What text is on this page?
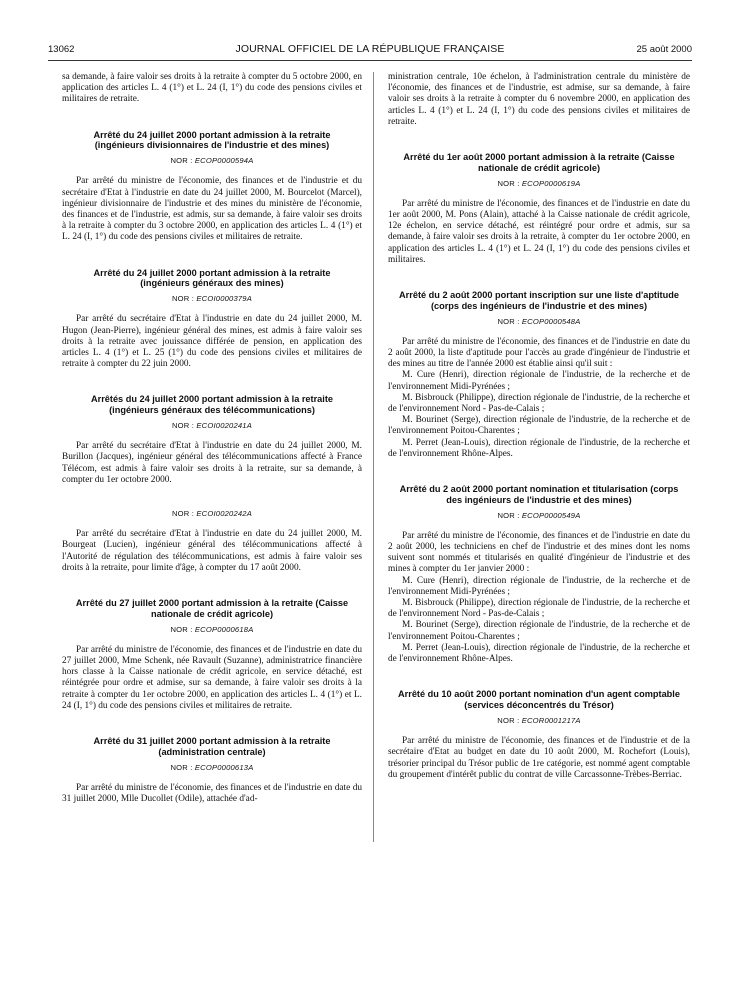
13062	JOURNAL OFFICIEL DE LA RÉPUBLIQUE FRANÇAISE	25 août 2000

sa demande, à faire valoir ses droits à la retraite à compter du 5 octobre 2000, en application des articles L. 4 (1°) et L. 24 (I, 1°) du code des pensions civiles et militaires de retraite.

Arrêté du 24 juillet 2000 portant admission à la retraite (ingénieurs divisionnaires de l'industrie et des mines)
NOR : ECOP0000594A

Par arrêté du ministre de l'économie, des finances et de l'industrie et du secrétaire d'Etat à l'industrie en date du 24 juillet 2000, M. Bourcelot (Marcel), ingénieur divisionnaire de l'industrie et des mines du ministère de l'économie, des finances et de l'industrie, est admis, sur sa demande, à faire valoir ses droits à la retraite à compter du 3 octobre 2000, en application des articles L. 4 (1°) et L. 24 (I, 1°) du code des pensions civiles et militaires de retraite.

Arrêté du 24 juillet 2000 portant admission à la retraite (ingénieurs généraux des mines)
NOR : ECOI0000379A

Par arrêté du secrétaire d'Etat à l'industrie en date du 24 juillet 2000, M. Hugon (Jean-Pierre), ingénieur général des mines, est admis à faire valoir ses droits à la retraite avec jouissance différée de pension, en application des articles L. 4 (1°) et L. 25 (1°) du code des pensions civiles et militaires de retraite à compter du 22 juin 2000.

Arrêtés du 24 juillet 2000 portant admission à la retraite (ingénieurs généraux des télécommunications)
NOR : ECOI0020241A

Par arrêté du secrétaire d'Etat à l'industrie en date du 24 juillet 2000, M. Burillon (Jacques), ingénieur général des télécommunications affecté à France Télécom, est admis à faire valoir ses droits à la retraite, sur sa demande, à compter du 1er octobre 2000.

NOR : ECOI0020242A

Par arrêté du secrétaire d'Etat à l'industrie en date du 24 juillet 2000, M. Bourgeat (Lucien), ingénieur général des télécommunications affecté à l'Autorité de régulation des télécommunications, est admis à faire valoir ses droits à la retraite, pour limite d'âge, à compter du 17 août 2000.

Arrêté du 27 juillet 2000 portant admission à la retraite (Caisse nationale de crédit agricole)
NOR : ECOP0000618A

Par arrêté du ministre de l'économie, des finances et de l'industrie en date du 27 juillet 2000, Mme Schenk, née Ravault (Suzanne), administratrice financière hors classe à la Caisse nationale de crédit agricole, en service détaché, est réintégrée pour ordre et admise, sur sa demande, à faire valoir ses droits à la retraite à compter du 1er octobre 2000, en application des articles L. 4 (1°) et L. 24 (I, 1°) du code des pensions civiles et militaires de retraite.

Arrêté du 31 juillet 2000 portant admission à la retraite (administration centrale)
NOR : ECOP0000613A

Par arrêté du ministre de l'économie, des finances et de l'industrie en date du 31 juillet 2000, Mlle Ducollet (Odile), attachée d'ad-

ministration centrale, 10e échelon, à l'administration centrale du ministère de l'économie, des finances et de l'industrie, est admise, sur sa demande, à faire valoir ses droits à la retraite à compter du 6 novembre 2000, en application des articles L. 4 (1°) et L. 24 (I, 1°) du code des pensions civiles et militaires de retraite.

Arrêté du 1er août 2000 portant admission à la retraite (Caisse nationale de crédit agricole)
NOR : ECOP0000619A

Par arrêté du ministre de l'économie, des finances et de l'industrie en date du 1er août 2000, M. Pons (Alain), attaché à la Caisse nationale de crédit agricole, 12e échelon, en service détaché, est réintégré pour ordre et admis, sur sa demande, à faire valoir ses droits à la retraite, à compter du 1er octobre 2000, en application des articles L. 4 (1°) et L. 24 (I, 1°) du code des pensions civiles et militaires.

Arrêté du 2 août 2000 portant inscription sur une liste d'aptitude (corps des ingénieurs de l'industrie et des mines)
NOR : ECOP0000548A

Par arrêté du ministre de l'économie, des finances et de l'industrie en date du 2 août 2000, la liste d'aptitude pour l'accès au grade d'ingénieur de l'industrie et des mines au titre de l'année 2000 est établie ainsi qu'il suit :

M. Cure (Henri), direction régionale de l'industrie, de la recherche et de l'environnement Midi-Pyrénées ;

M. Bisbrouck (Philippe), direction régionale de l'industrie, de la recherche et de l'environnement Nord - Pas-de-Calais ;

M. Bourinet (Serge), direction régionale de l'industrie, de la recherche et de l'environnement Poitou-Charentes ;

M. Perret (Jean-Louis), direction régionale de l'industrie, de la recherche et de l'environnement Rhône-Alpes.

Arrêté du 2 août 2000 portant nomination et titularisation (corps des ingénieurs de l'industrie et des mines)
NOR : ECOP0000549A

Par arrêté du ministre de l'économie, des finances et de l'industrie en date du 2 août 2000, les techniciens en chef de l'industrie et des mines dont les noms suivent sont nommés et titularisés en qualité d'ingénieur de l'industrie et des mines à compter du 1er janvier 2000 :

M. Cure (Henri), direction régionale de l'industrie, de la recherche et de l'environnement Midi-Pyrénées ;

M. Bisbrouck (Philippe), direction régionale de l'industrie, de la recherche et de l'environnement Nord - Pas-de-Calais ;

M. Bourinet (Serge), direction régionale de l'industrie, de la recherche et de l'environnement Poitou-Charentes ;

M. Perret (Jean-Louis), direction régionale de l'industrie, de la recherche et de l'environnement Rhône-Alpes.

Arrêté du 10 août 2000 portant nomination d'un agent comptable (services déconcentrés du Trésor)
NOR : ECOR0001217A

Par arrêté du ministre de l'économie, des finances et de l'industrie et de la secrétaire d'Etat au budget en date du 10 août 2000, M. Rochefort (Louis), trésorier principal du Trésor public de 1re catégorie, est nommé agent comptable du groupement d'intérêt public du contrat de ville Carcassonne-Trèbes-Berriac.
